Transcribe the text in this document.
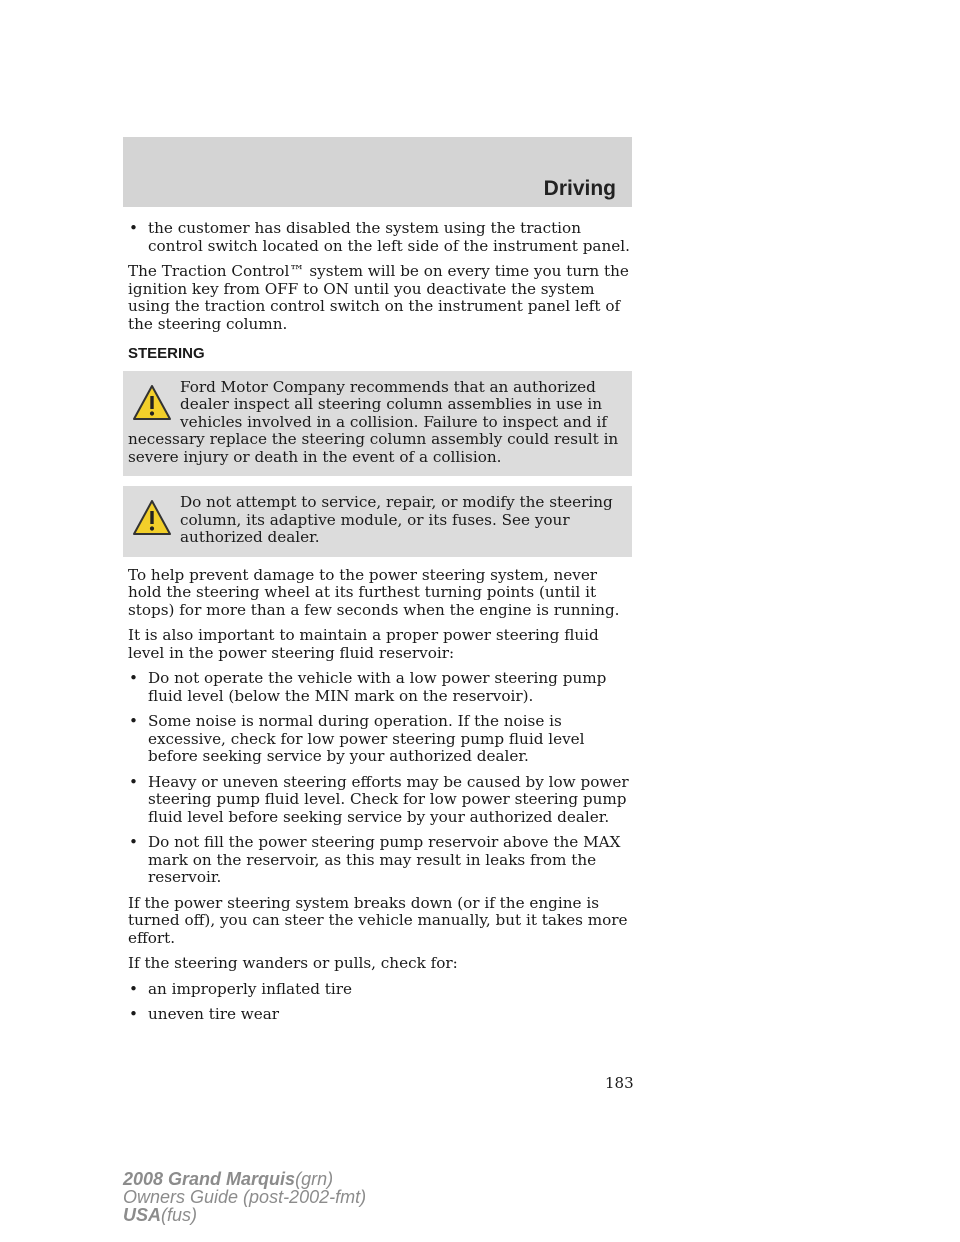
Driving
• the customer has disabled the system using the traction control switch located on the left side of the instrument panel.

The Traction Control™ system will be on every time you turn the ignition key from OFF to ON until you deactivate the system using the traction control switch on the instrument panel left of the steering column.

STEERING

Ford Motor Company recommends that an authorized dealer inspect all steering column assemblies in use in vehicles involved in a collision. Failure to inspect and if necessary replace the steering column assembly could result in severe injury or death in the event of a collision.

Do not attempt to service, repair, or modify the steering column, its adaptive module, or its fuses. See your authorized dealer.

To help prevent damage to the power steering system, never hold the steering wheel at its furthest turning points (until it stops) for more than a few seconds when the engine is running.

It is also important to maintain a proper power steering fluid level in the power steering fluid reservoir:

• Do not operate the vehicle with a low power steering pump fluid level (below the MIN mark on the reservoir).
• Some noise is normal during operation. If the noise is excessive, check for low power steering pump fluid level before seeking service by your authorized dealer.
• Heavy or uneven steering efforts may be caused by low power steering pump fluid level. Check for low power steering pump fluid level before seeking service by your authorized dealer.
• Do not fill the power steering pump reservoir above the MAX mark on the reservoir, as this may result in leaks from the reservoir.

If the power steering system breaks down (or if the engine is turned off), you can steer the vehicle manually, but it takes more effort.

If the steering wanders or pulls, check for:

• an improperly inflated tire
• uneven tire wear
183
2008 Grand Marquis(grn)
Owners Guide (post-2002-fmt)
USA(fus)
